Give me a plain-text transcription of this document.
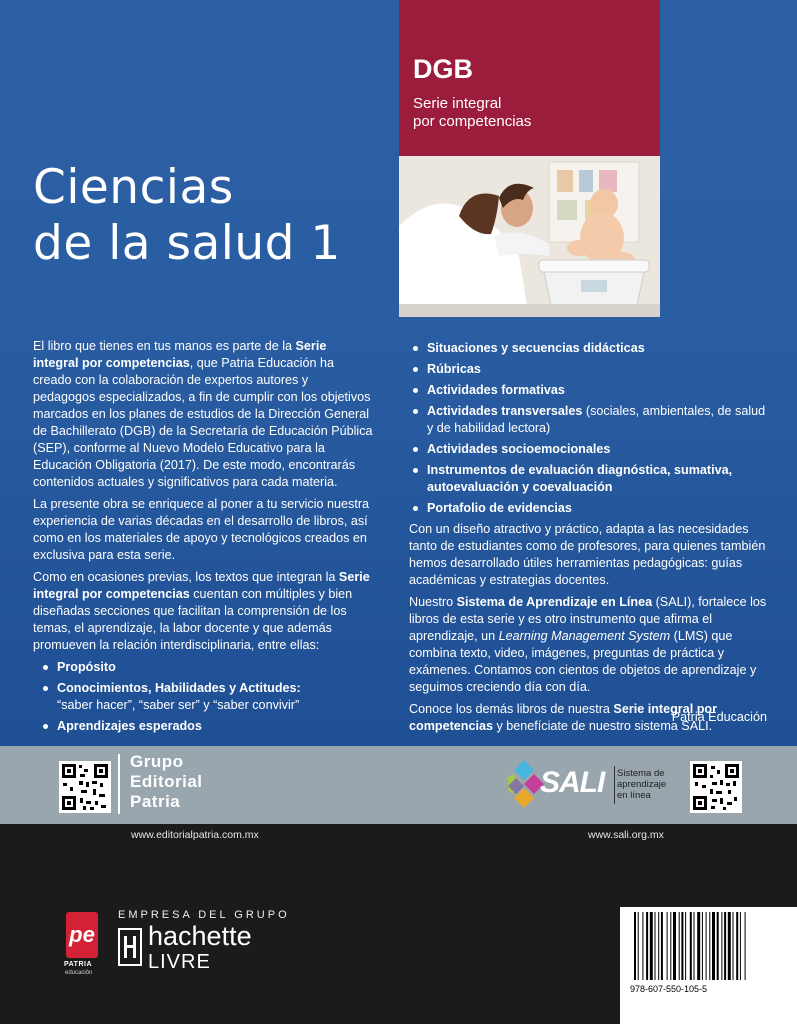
DGB
Serie integral
por competencias
Ciencias
de la salud 1

El libro que tienes en tus manos es parte de la Serie integral por competencias, que Patria Educación ha creado con la colaboración de expertos autores y pedagogos especializados, a fin de cumplir con los objetivos marcados en los planes de estudios de la Dirección General de Bachillerato (DGB) de la Secretaría de Educación Pública (SEP), conforme al Nuevo Modelo Educativo para la Educación Obligatoria (2017). De este modo, encontrarás contenidos actuales y significativos para cada materia.

La presente obra se enriquece al poner a tu servicio nuestra experiencia de varias décadas en el desarrollo de libros, así como en los materiales de apoyo y tecnológicos creados en exclusiva para esta serie.

Como en ocasiones previas, los textos que integran la Serie integral por competencias cuentan con múltiples y bien diseñadas secciones que facilitan la comprensión de los temas, el aprendizaje, la labor docente y que además promueven la relación interdisciplinaria, entre ellas:

Propósito
Conocimientos, Habilidades y Actitudes:
“saber hacer”, “saber ser” y “saber convivir”
Aprendizajes esperados
Situaciones y secuencias didácticas
Rúbricas
Actividades formativas
Actividades transversales (sociales, ambientales, de salud y de habilidad lectora)
Actividades socioemocionales
Instrumentos de evaluación diagnóstica, sumativa, autoevaluación y coevaluación
Portafolio de evidencias

Con un diseño atractivo y práctico, adapta a las necesidades tanto de estudiantes como de profesores, para quienes también hemos desarrollado útiles herramientas pedagógicas: guías académicas y estrategias docentes.

Nuestro Sistema de Aprendizaje en Línea (SALI), fortalece los libros de esta serie y es otro instrumento que afirma el aprendizaje, un Learning Management System (LMS) que combina texto, video, imágenes, preguntas de práctica y exámenes. Contamos con cientos de objetos de aprendizaje y seguimos creciendo día con día.

Conoce los demás libros de nuestra Serie integral por competencias y benefíciate de nuestro sistema SALI.

Patria Educación
Grupo
Editorial
Patria
SALI Sistema de
aprendizaje
en línea
www.editorialpatria.com.mx	www.sali.org.mx
pe
PATRIA
educación
EMPRESA DEL GRUPO
hachette
LIVRE
978-607-550-105-5
